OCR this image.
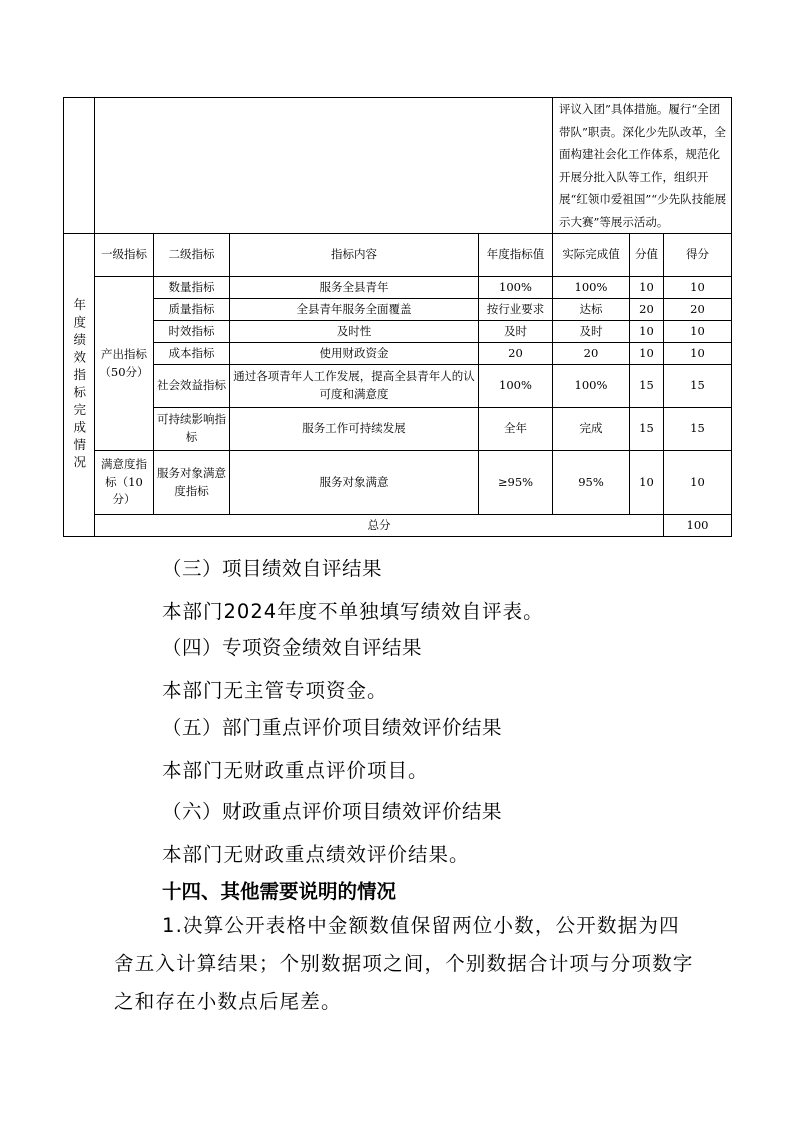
					评议入团”具体措施。履行“全团带队”职责。深化少先队改革，全面构建社会化工作体系，规范化开展分批入队等工作，组织开展“红领巾爱祖国”“少先队技能展示大赛”等展示活动。			
年度绩效指标完成情况	一级指标	二级指标	指标内容	年度指标值	实际完成值	分值	得分	
	产出指标（50分）	数量指标	服务全县青年	100%	100%	10	10	
		质量指标	全县青年服务全面覆盖	按行业要求	达标	20	20	
		时效指标	及时性	及时	及时	10	10	
		成本指标	使用财政资金	20	20	10	10	
		社会效益指标	通过各项青年人工作发展，提高全县青年人的认可度和满意度	100%	100%	15	15	
		可持续影响指标	服务工作可持续发展	全年	完成	15	15	
	满意度指标（10分）	服务对象满意度指标	服务对象满意	≥95%	95%	10	10	
	总分						100	
（三）项目绩效自评结果
本部门2024年度不单独填写绩效自评表。
（四）专项资金绩效自评结果
本部门无主管专项资金。
（五）部门重点评价项目绩效评价结果
本部门无财政重点评价项目。
（六）财政重点评价项目绩效评价结果
本部门无财政重点绩效评价结果。
十四、其他需要说明的情况
1.决算公开表格中金额数值保留两位小数，公开数据为四舍五入计算结果；个别数据项之间，个别数据合计项与分项数字之和存在小数点后尾差。
